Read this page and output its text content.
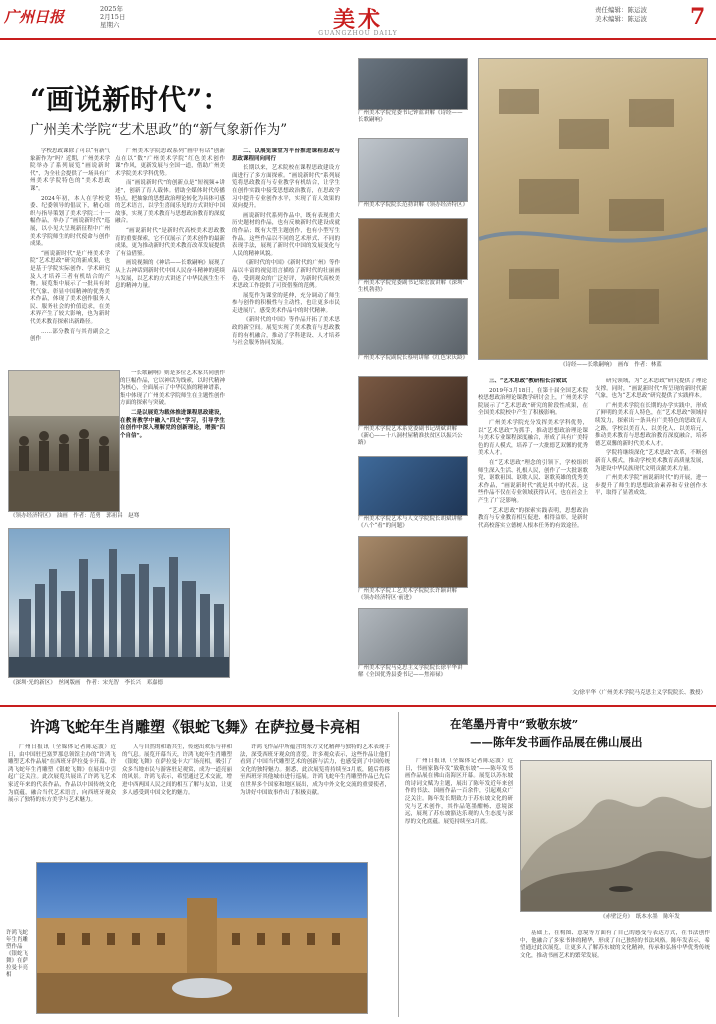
广州日报	2025年
2月15日
星期六	美术
GUANGZHOU DAILY
责任编辑：陈运波
美术编辑：陈运波 7
“画说新时代”：
广州美术学院“艺术思政”的“新气象新作为”

学校思政课除了可以“有新气象新作为”吗？近期，广州美术学院举办了系列展览“画说新时代”，为全社会提供了一场具有广州美术学院特色的“美术思政课”。

2024年初，本人在学校党委、纪委领导的倡议下，精心组织与指导策划了美术学院二十一幅作品，举办了“画说新时代”巡展，以小见大呈现新征程中广州美术学院师生的时代使命与创作成果。

“画说新时代”是广州美术学院“艺术思政”研究的新成果，也是基于学院实际创作、学术研究及人才培养三者有机结合的产物。展览集中展示了一批具有时代气象、彰显中国精神的优秀美术作品，体现了美术创作服务人民、服务社会的价值追求，在美术界产生了较大影响，也为新时代美术教育探索出新路径。

……部分教育与其青副会之创作

广州美术学院思政系列“画中有话”创新点在以“数”广州美术学院“红色美术创作课”作风，更新发展与全国一道，借助广州美术学院美术学科优势。

而“画说新时代”的创新点是“短视频+讲述”，创新了育人载体。借助全媒体时代传播特点，把抽象的思想政治理论转化为具体可感的艺术语言，以学生喜闻乐见的方式讲好中国故事，实现了美术教育与思想政治教育的深度融合。

“画说新时代”是新时代高校美术思政教育的重要探索，它不仅展示了美术创作的最新成果，更为推动新时代美术教育改革发展提供了有益借鉴。

画说视频的《神话——长歌嗣响》展现了从上古神话到新时代中国人民奋斗精神的延续与发展，以艺术的方式讲述了中华民族生生不息的精神力量。

《领办经济特区》　油画　作者：范勇　郭祖昌　赵骞
《深圳·光的新区》　丝网版画　作者：宋光智　李长兴　邓嘉德

一长歌嗣响》则是多位艺术家共同创作的巨幅作品，它以神话为线索，以时代精神为核心，全面展示了中华民族的精神谱系，集中体现了广州美术学院师生在主题性创作方面的探索与突破。

二是以展览为载体推进课程思政建设，在教育教学中融入“四史”学习，引导学生在创作中深入理解党的创新理论，增强“四个自信”。

二、以展览课堂为平台推进课程思政与思政课程同向同行

长期以来，艺术院校在课程思政建设方面进行了多方面探索。“画说新时代”系列展览将思政教育与专业教学有机结合，让学生在创作实践中接受思想政治教育，在思政学习中提升专业创作水平，实现了育人效果的双向提升。

画说新时代系列作品中，既有表现重大历史题材的作品，也有反映新时代建设成就的作品；既有大型主题创作，也有小型写生作品。这些作品以不同的艺术形式、不同的表现手法，展现了新时代中国的发展变化与人民的精神风貌。

《新时代的中国》《新时代的广州》等作品以丰富的视觉语言描绘了新时代的壮丽画卷，受到观众的广泛好评，为新时代高校美术思政工作提供了可资借鉴的范例。

展览作为课堂的延伸，充分调动了师生参与创作的积极性与主动性，也让更多市民走进展厅，感受美术作品中的时代精神。

《新时代的中国》等作品开拓了美术思政的新空间。展览实现了美术教育与思政教育的有机融合，推动了学科建设、人才培养与社会服务协同发展。

广州美术学院党委书记钟蓝讲解《诗经——长歌嗣响》
广州美术学院院长范勃讲解《领办经济特区》
广州美术学院党委副书记梁宏波讲解《深圳·生机勃勃》
广州美术学院副院长蔡明讲解《红色宋庆龄》
广州美术学院艺术系党委副书记胡斌讲解《新心——十八洞村屋精准扶贫区以振兴公路》
广州美术学院艺术与人文学院院长胡斌讲解《八个“看”的问题》
广州美术学院工艺美术学院院长许颖讲解《领办经济特区·前进》
广州美术学院马克思主义学院院长徐平华讲解《全国优秀县委书记——焦裕禄》
《诗经——长歌嗣响》　画布　作者：林蓝

三、“艺术思政”教研相长合致试

2019年3月18日，在第十届全国艺术院校思想政治理论课教学研讨会上，广州美术学院展示了“艺术思政”研究的阶段性成果，在全国美术院校中产生了积极影响。

广州美术学院充分发挥美术学科优势，以“艺术思政”为抓手，推动思想政治理论课与美术专业课程深度融合，形成了具有广美特色的育人模式，培养了一大批德艺双馨的优秀美术人才。

在“艺术思政”理念的引领下，学校组织师生深入生活、扎根人民，创作了一大批讴歌党、讴歌祖国、讴歌人民、讴歌英雄的优秀美术作品，“画说新时代”就是其中的代表。这些作品不仅在专业领域获得认可，也在社会上产生了广泛影响。

“艺术思政”的探索实践表明，思想政治教育与专业教育相互促进、相得益彰，是新时代高校落实立德树人根本任务的有效途径。

研究领域，为“艺术思政”研究提供了理论支撑。同时，“画说新时代”所呈现的新时代新气象，也为“艺术思政”研究提供了实践样本。

广州美术学院在长期的办学实践中，形成了鲜明的美术育人特色，在“艺术思政”领域持续发力，探索出一条具有广美特色的思政育人之路。学校以美育人、以美化人、以美培元，推动美术教育与思想政治教育深度融合，培养德艺双馨的新时代美术人才。

学院将继续深化“艺术思政”改革，不断创新育人模式，推动学校美术教育高质量发展，为建设中华民族现代文明贡献美术力量。

广州美术学院“画说新时代”的开展，进一步提升了师生的思想政治素养和专业创作水平，取得了显著成效。

文/徐平华（广州美术学院马克思主义学院院长、教授）
许鸿飞蛇年生肖雕塑《银蛇飞舞》在萨拉曼卡亮相

广州日报讯（全媒体记者陈运波）近日，由中国驻巴塞罗那总领馆主办的“许鸿飞雕塑艺术作品展”在西班牙萨拉曼卡开幕，许鸿飞蛇年生肖雕塑《银蛇飞舞》在展出中引起广泛关注。此次展览共展出了许鸿飞艺术家近年来的代表作品，作品以中国传统文化为底蕴，融合当代艺术语言，向西班牙观众展示了独特的东方美学与艺术魅力。

人与自然的和谐共生，传递出欢乐与祥和的气息。展览开幕当天，许鸿飞蛇年生肖雕塑《银蛇飞舞》在萨拉曼卡大广场亮相，吸引了众多当地市民与游客驻足观赏，成为一道亮丽的风景。许鸿飞表示，希望通过艺术交流，增进中西两国人民之间的相互了解与友谊，让更多人感受到中国文化的魅力。

许鸿飞作品中所蕴含的东方文化精神与独特的艺术表现手法，深受西班牙观众的喜爱。许多观众表示，这些作品让他们看到了中国当代雕塑艺术的创新与活力，也感受到了中国传统文化的独特魅力。据悉，此次展览将持续至3月底，随后将移至西班牙其他城市进行巡展。许鸿飞蛇年生肖雕塑作品已先后在世界多个国家和地区展出，成为中外文化交流的重要使者，为讲好中国故事作出了积极贡献。

许鸿飞蛇年生肖雕塑作品《银蛇飞舞》在萨拉曼卡亮相
在笔墨丹青中“致敬东坡”
——陈年发书画作品展在佛山展出

广州日报讯（全媒体记者陈运波）近日，书画家陈年发“致敬东坡”——陈年发书画作品展在佛山南海区开幕。展览以苏东坡的诗词文赋为主题，展出了陈年发近年来创作的书法、国画作品一百余件，引起观众广泛关注。陈年发长期致力于苏东坡文化的研究与艺术创作，其作品笔墨酣畅、意境深远，展现了苏东坡豁达乐观的人生态度与深厚的文化底蕴。展览持续至3月底。

《赤壁泛舟》　纸本水墨　陈年发

基础上，在构图、意境等方面有了自己的感受与表达方式，在书法创作中，他融合了多家书体的精华，形成了自己独特的书法风格。陈年发表示，希望通过此次展览，让更多人了解苏东坡的文化精神，传承和弘扬中华优秀传统文化，推动书画艺术的繁荣发展。
